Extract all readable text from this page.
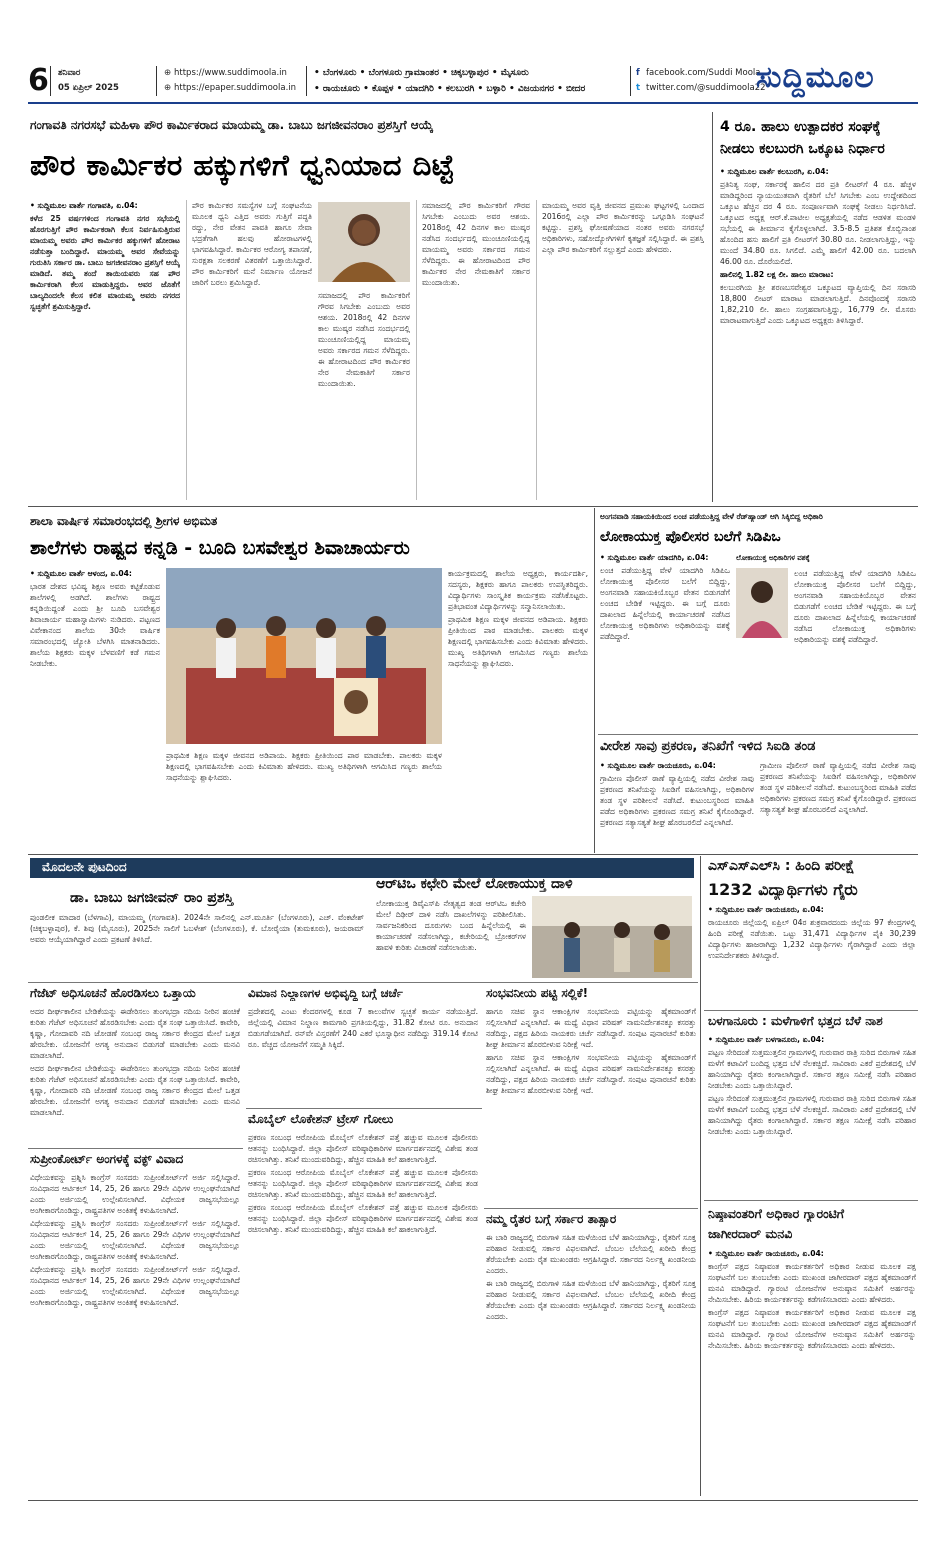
6 ಶನಿವಾರ
05 ಏಪ್ರಿಲ್ 2025
⊕ https://www.suddimoola.in
⊕ https://epaper.suddimoola.in
• ಬೆಂಗಳೂರು • ಬೆಂಗಳೂರು ಗ್ರಾಮಾಂತರ • ಚಿಕ್ಕಬಳ್ಳಾಪುರ • ಮೈಸೂರು
• ರಾಯಚೂರು • ಕೊಪ್ಪಳ • ಯಾದಗಿರಿ • ಕಲಬುರಗಿ • ಬಳ್ಳಾರಿ • ವಿಜಯನಗರ • ಬೀದರ
f facebook.com/Suddi Moola
t twitter.com/@suddimoola22
ಸುದ್ದಿಮೂಲ
ಗಂಗಾವತಿ ನಗರಸಭೆ ಮಹಿಳಾ ಪೌರ ಕಾರ್ಮಿಕರಾದ ಮಾಯಮ್ಮ ಡಾ. ಬಾಬು ಜಗಜೀವನರಾಂ ಪ್ರಶಸ್ತಿಗೆ ಆಯ್ಕೆ
ಪೌರ ಕಾರ್ಮಿಕರ ಹಕ್ಕುಗಳಿಗೆ ಧ್ವನಿಯಾದ ದಿಟ್ಟೆ

• ಸುದ್ದಿಮೂಲ ವಾರ್ತೆ ಗಂಗಾವತಿ, ಏ.04:

ಕಳೆದ 25 ವರ್ಷಗಳಿಂದ ಗಂಗಾವತಿ ನಗರ ಸಭೆಯಲ್ಲಿ ಹೊರಗುತ್ತಿಗೆ ಪೌರ ಕಾರ್ಮಿಕರಾಗಿ ಕೆಲಸ ನಿರ್ವಹಿಸುತ್ತಿರುವ ಮಾಯಮ್ಮ ಅವರು ಪೌರ ಕಾರ್ಮಿಕರ ಹಕ್ಕುಗಳಿಗೆ ಹೋರಾಟ ನಡೆಸುತ್ತಾ ಬಂದಿದ್ದಾರೆ. ಮಾಯಮ್ಮ ಅವರ ಸೇವೆಯನ್ನು ಗುರುತಿಸಿ ಸರ್ಕಾರ ಡಾ. ಬಾಬು ಜಗಜೀವನರಾಂ ಪ್ರಶಸ್ತಿಗೆ ಆಯ್ಕೆ ಮಾಡಿದೆ. ತಮ್ಮ ತಂದೆ ತಾಯಿಯವರು ಸಹ ಪೌರ ಕಾರ್ಮಿಕರಾಗಿ ಕೆಲಸ ಮಾಡುತ್ತಿದ್ದರು. ಅವರ ಜೊತೆಗೆ ಬಾಲ್ಯದಿಂದಲೇ ಕೆಲಸ ಕಲಿತ ಮಾಯಮ್ಮ ಅವರು ನಗರದ ಸ್ವಚ್ಛತೆಗೆ ಶ್ರಮಿಸುತ್ತಿದ್ದಾರೆ.

ಪೌರ ಕಾರ್ಮಿಕರ ಸಮಸ್ಯೆಗಳ ಬಗ್ಗೆ ಸಂಘಟನೆಯ ಮೂಲಕ ಧ್ವನಿ ಎತ್ತಿದ ಅವರು ಗುತ್ತಿಗೆ ಪದ್ಧತಿ ರದ್ದು, ನೇರ ವೇತನ ಪಾವತಿ ಹಾಗೂ ಸೇವಾ ಭದ್ರತೆಗಾಗಿ ಹಲವು ಹೋರಾಟಗಳಲ್ಲಿ ಭಾಗವಹಿಸಿದ್ದಾರೆ. ಕಾರ್ಮಿಕರ ಆರೋಗ್ಯ ತಪಾಸಣೆ, ಸುರಕ್ಷತಾ ಸಲಕರಣೆ ವಿತರಣೆಗೆ ಒತ್ತಾಯಿಸಿದ್ದಾರೆ. ಪೌರ ಕಾರ್ಮಿಕರಿಗೆ ಮನೆ ನಿರ್ಮಾಣ ಯೋಜನೆ ಜಾರಿಗೆ ಬರಲು ಶ್ರಮಿಸಿದ್ದಾರೆ.

ಸಮಾಜದಲ್ಲಿ ಪೌರ ಕಾರ್ಮಿಕರಿಗೆ ಗೌರವ ಸಿಗಬೇಕು ಎಂಬುದು ಅವರ ಆಶಯ. 2018ರಲ್ಲಿ 42 ದಿನಗಳ ಕಾಲ ಮುಷ್ಕರ ನಡೆಸಿದ ಸಂದರ್ಭದಲ್ಲಿ ಮುಂಚೂಣಿಯಲ್ಲಿದ್ದ ಮಾಯಮ್ಮ ಅವರು ಸರ್ಕಾರದ ಗಮನ ಸೆಳೆದಿದ್ದರು. ಈ ಹೋರಾಟದಿಂದ ಪೌರ ಕಾರ್ಮಿಕರ ನೇರ ನೇಮಕಾತಿಗೆ ಸರ್ಕಾರ ಮುಂದಾಯಿತು.

ಸಮಾಜದಲ್ಲಿ ಪೌರ ಕಾರ್ಮಿಕರಿಗೆ ಗೌರವ ಸಿಗಬೇಕು ಎಂಬುದು ಅವರ ಆಶಯ. 2018ರಲ್ಲಿ 42 ದಿನಗಳ ಕಾಲ ಮುಷ್ಕರ ನಡೆಸಿದ ಸಂದರ್ಭದಲ್ಲಿ ಮುಂಚೂಣಿಯಲ್ಲಿದ್ದ ಮಾಯಮ್ಮ ಅವರು ಸರ್ಕಾರದ ಗಮನ ಸೆಳೆದಿದ್ದರು. ಈ ಹೋರಾಟದಿಂದ ಪೌರ ಕಾರ್ಮಿಕರ ನೇರ ನೇಮಕಾತಿಗೆ ಸರ್ಕಾರ ಮುಂದಾಯಿತು.

ಮಾಯಮ್ಮ ಅವರ ವೃತ್ತಿ ಜೀವನದ ಪ್ರಮುಖ ಘಟ್ಟಗಳಲ್ಲಿ ಒಂದಾದ 2016ರಲ್ಲಿ ಎಲ್ಲಾ ಪೌರ ಕಾರ್ಮಿಕರನ್ನು ಒಗ್ಗೂಡಿಸಿ ಸಂಘಟನೆ ಕಟ್ಟಿದ್ದು. ಪ್ರಶಸ್ತಿ ಘೋಷಣೆಯಾದ ನಂತರ ಅವರು ನಗರಸಭೆ ಅಧಿಕಾರಿಗಳು, ಸಹೋದ್ಯೋಗಿಗಳಿಗೆ ಕೃತಜ್ಞತೆ ಸಲ್ಲಿಸಿದ್ದಾರೆ. ಈ ಪ್ರಶಸ್ತಿ ಎಲ್ಲಾ ಪೌರ ಕಾರ್ಮಿಕರಿಗೆ ಸಲ್ಲುತ್ತದೆ ಎಂದು ಹೇಳಿದರು.

4 ರೂ. ಹಾಲು ಉತ್ಪಾದಕರ ಸಂಘಕ್ಕೆ
ನೀಡಲು ಕಲಬುರಗಿ ಒಕ್ಕೂಟ ನಿರ್ಧಾರ

• ಸುದ್ದಿಮೂಲ ವಾರ್ತೆ ಕಲಬುರಗಿ, ಏ.04:

ಪ್ರತಿನಿತ್ಯ ಸಂಘ, ಸರ್ಕಾರಕ್ಕೆ ಹಾಲಿನ ದರ ಪ್ರತಿ ಲೀಟರ್‌ಗೆ 4 ರೂ. ಹೆಚ್ಚಳ ಮಾಡಿದ್ದರಿಂದ ನ್ಯಾಯಯುತವಾಗಿ ರೈತರಿಗೆ ಬೆಲೆ ಸಿಗಬೇಕು ಎಂಬ ಉದ್ದೇಶದಿಂದ ಒಕ್ಕೂಟ ಹೆಚ್ಚಿನ ದರ 4 ರೂ. ಸಂಪೂರ್ಣವಾಗಿ ಸಂಘಕ್ಕೆ ನೀಡಲು ನಿರ್ಧರಿಸಿದೆ. ಒಕ್ಕೂಟದ ಅಧ್ಯಕ್ಷ ಆರ್.ಕೆ.ಪಾಟೀಲ ಅಧ್ಯಕ್ಷತೆಯಲ್ಲಿ ನಡೆದ ಆಡಳಿತ ಮಂಡಳಿ ಸಭೆಯಲ್ಲಿ ಈ ತೀರ್ಮಾನ ಕೈಗೊಳ್ಳಲಾಗಿದೆ. 3.5-8.5 ಪ್ರತಿಶತ ಕೊಬ್ಬಿನಾಂಶ ಹೊಂದಿದ ಹಸು ಹಾಲಿಗೆ ಪ್ರತಿ ಲೀಟರ್‌ಗೆ 30.80 ರೂ. ನೀಡಲಾಗುತ್ತಿದ್ದು, ಇನ್ನು ಮುಂದೆ 34.80 ರೂ. ಸಿಗಲಿದೆ. ಎಮ್ಮೆ ಹಾಲಿಗೆ 42.00 ರೂ. ಬದಲಾಗಿ 46.00 ರೂ. ದೊರೆಯಲಿದೆ.

ಹಾಲಿನಲ್ಲಿ 1.82 ಲಕ್ಷ ಲೀ. ಹಾಲು ಮಾರಾಟ:

ಕಲಬುರಗಿಯ ಶ್ರೀ ಶರಣಬಸವೇಶ್ವರ ಒಕ್ಕೂಟದ ವ್ಯಾಪ್ತಿಯಲ್ಲಿ ದಿನ ಸರಾಸರಿ 18,800 ಲೀಟರ್ ಮಾರಾಟ ಮಾಡಲಾಗುತ್ತಿದೆ. ದಿನವೊಂದಕ್ಕೆ ಸರಾಸರಿ 1,82,210 ಲೀ. ಹಾಲು ಸಂಗ್ರಹವಾಗುತ್ತಿದ್ದು, 16,779 ಲೀ. ಮೊಸರು ಮಾರಾಟವಾಗುತ್ತಿದೆ ಎಂದು ಒಕ್ಕೂಟದ ಅಧ್ಯಕ್ಷರು ತಿಳಿಸಿದ್ದಾರೆ.

ಶಾಲಾ ವಾರ್ಷಿಕ ಸಮಾರಂಭದಲ್ಲಿ ಶ್ರೀಗಳ ಅಭಿಮತ
ಶಾಲೆಗಳು ರಾಷ್ಟ್ರದ ಕನ್ನಡಿ - ಬೂದಿ ಬಸವೇಶ್ವರ ಶಿವಾಚಾರ್ಯರು

• ಸುದ್ದಿಮೂಲ ವಾರ್ತೆ ಆಳಂದ, ಏ.04:

ಭಾರತ ದೇಶದ ಭವಿಷ್ಯ ಶಿಕ್ಷಣ ಅವರು ಕಟ್ಟಿಕೊಡುವ ಶಾಲೆಗಳಲ್ಲಿ ಅಡಗಿದೆ. ಶಾಲೆಗಳು ರಾಷ್ಟ್ರದ ಕನ್ನಡಿಯಿದ್ದಂತೆ ಎಂದು ಶ್ರೀ ಬೂದಿ ಬಸವೇಶ್ವರ ಶಿವಾಚಾರ್ಯ ಮಹಾಸ್ವಾಮಿಗಳು ನುಡಿದರು. ಪಟ್ಟಣದ ವಿವೇಕಾನಂದ ಶಾಲೆಯ 30ನೇ ವಾರ್ಷಿಕ ಸಮಾರಂಭದಲ್ಲಿ ಜ್ಯೋತಿ ಬೆಳಗಿಸಿ ಮಾತನಾಡಿದರು. ಶಾಲೆಯ ಶಿಕ್ಷಕರು ಮಕ್ಕಳ ಬೆಳವಣಿಗೆ ಕಡೆ ಗಮನ ನೀಡಬೇಕು.

ಪ್ರಾಥಮಿಕ ಶಿಕ್ಷಣ ಮಕ್ಕಳ ಜೀವನದ ಅಡಿಪಾಯ. ಶಿಕ್ಷಕರು ಪ್ರೀತಿಯಿಂದ ಪಾಠ ಮಾಡಬೇಕು. ಪಾಲಕರು ಮಕ್ಕಳ ಶಿಕ್ಷಣದಲ್ಲಿ ಭಾಗವಹಿಸಬೇಕು ಎಂದು ಕಿವಿಮಾತು ಹೇಳಿದರು. ಮುಖ್ಯ ಅತಿಥಿಗಳಾಗಿ ಆಗಮಿಸಿದ ಗಣ್ಯರು ಶಾಲೆಯ ಸಾಧನೆಯನ್ನು ಶ್ಲಾಘಿಸಿದರು.

ಕಾರ್ಯಕ್ರಮದಲ್ಲಿ ಶಾಲೆಯ ಅಧ್ಯಕ್ಷರು, ಕಾರ್ಯದರ್ಶಿ, ಸದಸ್ಯರು, ಶಿಕ್ಷಕರು ಹಾಗೂ ಪಾಲಕರು ಉಪಸ್ಥಿತರಿದ್ದರು. ವಿದ್ಯಾರ್ಥಿಗಳು ಸಾಂಸ್ಕೃತಿಕ ಕಾರ್ಯಕ್ರಮ ನಡೆಸಿಕೊಟ್ಟರು. ಪ್ರತಿಭಾವಂತ ವಿದ್ಯಾರ್ಥಿಗಳನ್ನು ಸನ್ಮಾನಿಸಲಾಯಿತು.

ಪ್ರಾಥಮಿಕ ಶಿಕ್ಷಣ ಮಕ್ಕಳ ಜೀವನದ ಅಡಿಪಾಯ. ಶಿಕ್ಷಕರು ಪ್ರೀತಿಯಿಂದ ಪಾಠ ಮಾಡಬೇಕು. ಪಾಲಕರು ಮಕ್ಕಳ ಶಿಕ್ಷಣದಲ್ಲಿ ಭಾಗವಹಿಸಬೇಕು ಎಂದು ಕಿವಿಮಾತು ಹೇಳಿದರು. ಮುಖ್ಯ ಅತಿಥಿಗಳಾಗಿ ಆಗಮಿಸಿದ ಗಣ್ಯರು ಶಾಲೆಯ ಸಾಧನೆಯನ್ನು ಶ್ಲಾಘಿಸಿದರು.

ಅಂಗನವಾಡಿ ಸಹಾಯಕಿಯಿಂದ ಲಂಚ ಪಡೆಯುತ್ತಿದ್ದ ವೇಳೆ ರೆಡ್‌ಹ್ಯಾಂಡ್ ಆಗಿ ಸಿಕ್ಕಿಬಿದ್ದ ಅಧಿಕಾರಿ
ಲೋಕಾಯುಕ್ತ ಪೊಲೀಸರ ಬಲೆಗೆ ಸಿಡಿಪಿಒ

• ಸುದ್ದಿಮೂಲ ವಾರ್ತೆ ಯಾದಗಿರಿ, ಏ.04:

ಲಂಚ ಪಡೆಯುತ್ತಿದ್ದ ವೇಳೆ ಯಾದಗಿರಿ ಸಿಡಿಪಿಒ ಲೋಕಾಯುಕ್ತ ಪೊಲೀಸರ ಬಲೆಗೆ ಬಿದ್ದಿದ್ದು, ಅಂಗನವಾಡಿ ಸಹಾಯಕಿಯೊಬ್ಬರ ವೇತನ ಬಿಡುಗಡೆಗೆ ಲಂಚದ ಬೇಡಿಕೆ ಇಟ್ಟಿದ್ದರು. ಈ ಬಗ್ಗೆ ದೂರು ದಾಖಲಾದ ಹಿನ್ನೆಲೆಯಲ್ಲಿ ಕಾರ್ಯಾಚರಣೆ ನಡೆಸಿದ ಲೋಕಾಯುಕ್ತ ಅಧಿಕಾರಿಗಳು ಅಧಿಕಾರಿಯನ್ನು ವಶಕ್ಕೆ ಪಡೆದಿದ್ದಾರೆ.

ಲೋಕಾಯುಕ್ತ ಅಧಿಕಾರಿಗಳ ವಶಕ್ಕೆ

ಲಂಚ ಪಡೆಯುತ್ತಿದ್ದ ವೇಳೆ ಯಾದಗಿರಿ ಸಿಡಿಪಿಒ ಲೋಕಾಯುಕ್ತ ಪೊಲೀಸರ ಬಲೆಗೆ ಬಿದ್ದಿದ್ದು, ಅಂಗನವಾಡಿ ಸಹಾಯಕಿಯೊಬ್ಬರ ವೇತನ ಬಿಡುಗಡೆಗೆ ಲಂಚದ ಬೇಡಿಕೆ ಇಟ್ಟಿದ್ದರು. ಈ ಬಗ್ಗೆ ದೂರು ದಾಖಲಾದ ಹಿನ್ನೆಲೆಯಲ್ಲಿ ಕಾರ್ಯಾಚರಣೆ ನಡೆಸಿದ ಲೋಕಾಯುಕ್ತ ಅಧಿಕಾರಿಗಳು ಅಧಿಕಾರಿಯನ್ನು ವಶಕ್ಕೆ ಪಡೆದಿದ್ದಾರೆ.

ವೀರೇಶ ಸಾವು ಪ್ರಕರಣ, ತನಿಖೆಗೆ ಇಳಿದ ಸಿಐಡಿ ತಂಡ

• ಸುದ್ದಿಮೂಲ ವಾರ್ತೆ ರಾಯಚೂರು, ಏ.04:

ಗ್ರಾಮೀಣ ಪೊಲೀಸ್ ಠಾಣೆ ವ್ಯಾಪ್ತಿಯಲ್ಲಿ ನಡೆದ ವೀರೇಶ ಸಾವು ಪ್ರಕರಣದ ತನಿಖೆಯನ್ನು ಸಿಐಡಿಗೆ ವಹಿಸಲಾಗಿದ್ದು, ಅಧಿಕಾರಿಗಳ ತಂಡ ಸ್ಥಳ ಪರಿಶೀಲನೆ ನಡೆಸಿದೆ. ಕುಟುಂಬಸ್ಥರಿಂದ ಮಾಹಿತಿ ಪಡೆದ ಅಧಿಕಾರಿಗಳು ಪ್ರಕರಣದ ಸಮಗ್ರ ತನಿಖೆ ಕೈಗೊಂಡಿದ್ದಾರೆ. ಪ್ರಕರಣದ ಸತ್ಯಾಸತ್ಯತೆ ಶೀಘ್ರ ಹೊರಬರಲಿದೆ ಎನ್ನಲಾಗಿದೆ.

ಗ್ರಾಮೀಣ ಪೊಲೀಸ್ ಠಾಣೆ ವ್ಯಾಪ್ತಿಯಲ್ಲಿ ನಡೆದ ವೀರೇಶ ಸಾವು ಪ್ರಕರಣದ ತನಿಖೆಯನ್ನು ಸಿಐಡಿಗೆ ವಹಿಸಲಾಗಿದ್ದು, ಅಧಿಕಾರಿಗಳ ತಂಡ ಸ್ಥಳ ಪರಿಶೀಲನೆ ನಡೆಸಿದೆ. ಕುಟುಂಬಸ್ಥರಿಂದ ಮಾಹಿತಿ ಪಡೆದ ಅಧಿಕಾರಿಗಳು ಪ್ರಕರಣದ ಸಮಗ್ರ ತನಿಖೆ ಕೈಗೊಂಡಿದ್ದಾರೆ. ಪ್ರಕರಣದ ಸತ್ಯಾಸತ್ಯತೆ ಶೀಘ್ರ ಹೊರಬರಲಿದೆ ಎನ್ನಲಾಗಿದೆ.

ಮೊದಲನೇ ಪುಟದಿಂದ
ಡಾ. ಬಾಬು ಜಗಜೀವನ್ ರಾಂ ಪ್ರಶಸ್ತಿ

ಪುಂಡಲೀಕ ಮಾದಾರ (ಬೆಳಗಾವಿ), ಮಾಯಮ್ಮ (ಗಂಗಾವತಿ). 2024ನೇ ಸಾಲಿನಲ್ಲಿ ಎನ್.ಮೂರ್ತಿ (ಬೆಂಗಳೂರು), ಎಚ್. ವೆಂಕಟೇಶ್ (ಚಿಕ್ಕಬಳ್ಳಾಪುರ), ಕೆ. ಶಿವು (ಮೈಸೂರು), 2025ನೇ ಸಾಲಿಗೆ ಓಬಳೇಶ್ (ಬೆಂಗಳೂರು), ಕೆ. ಬೋರೈಯಾ (ತುಮಕೂರು), ಜಯರಾಮ್ ಅವರು ಆಯ್ಕೆಯಾಗಿದ್ದಾರೆ ಎಂದು ಪ್ರಕಟಣೆ ತಿಳಿಸಿದೆ.

ಆರ್‌ಟಿಒ ಕಛೇರಿ ಮೇಲೆ ಲೋಕಾಯುಕ್ತ ದಾಳಿ

ಲೋಕಾಯುಕ್ತ ಡಿವೈಎಸ್‌ಪಿ ನೇತೃತ್ವದ ತಂಡ ಆರ್‌ಟಿಒ ಕಚೇರಿ ಮೇಲೆ ದಿಢೀರ್ ದಾಳಿ ನಡೆಸಿ ದಾಖಲೆಗಳನ್ನು ಪರಿಶೀಲಿಸಿತು. ಸಾರ್ವಜನಿಕರಿಂದ ದೂರುಗಳು ಬಂದ ಹಿನ್ನೆಲೆಯಲ್ಲಿ ಈ ಕಾರ್ಯಾಚರಣೆ ನಡೆಸಲಾಗಿದ್ದು, ಕಚೇರಿಯಲ್ಲಿ ಬ್ರೋಕರ್‌ಗಳ ಹಾವಳಿ ಕುರಿತು ವಿಚಾರಣೆ ನಡೆಸಲಾಯಿತು.

ಎಸ್‌ಎಸ್‌ಎಲ್‌ಸಿ : ಹಿಂದಿ ಪರೀಕ್ಷೆ
1232 ವಿದ್ಯಾರ್ಥಿಗಳು ಗೈರು

• ಸುದ್ದಿಮೂಲ ವಾರ್ತೆ ರಾಯಚೂರು, ಏ.04:

ರಾಯಚೂರು ಜಿಲ್ಲೆಯಲ್ಲಿ ಏಪ್ರಿಲ್ 04ರ ಶುಕ್ರವಾರದಂದು ಜಿಲ್ಲೆಯ 97 ಕೇಂದ್ರಗಳಲ್ಲಿ ಹಿಂದಿ ಪರೀಕ್ಷೆ ನಡೆಯಿತು. ಒಟ್ಟು 31,471 ವಿದ್ಯಾರ್ಥಿಗಳ ಪೈಕಿ 30,239 ವಿದ್ಯಾರ್ಥಿಗಳು ಹಾಜರಾಗಿದ್ದು 1,232 ವಿದ್ಯಾರ್ಥಿಗಳು ಗೈರಾಗಿದ್ದಾರೆ ಎಂದು ಜಿಲ್ಲಾ ಉಪನಿರ್ದೇಶಕರು ತಿಳಿಸಿದ್ದಾರೆ.

ಬಳಗಾನೂರು : ಮಳೆಗಾಳಿಗೆ ಭತ್ತದ ಬೆಳೆ ನಾಶ

• ಸುದ್ದಿಮೂಲ ವಾರ್ತೆ ಬಳಗಾನೂರು, ಏ.04:

ಪಟ್ಟಣ ಸೇರಿದಂತೆ ಸುತ್ತಮುತ್ತಲಿನ ಗ್ರಾಮಗಳಲ್ಲಿ ಗುರುವಾರ ರಾತ್ರಿ ಸುರಿದ ಬಿರುಗಾಳಿ ಸಹಿತ ಮಳೆಗೆ ಕಟಾವಿಗೆ ಬಂದಿದ್ದ ಭತ್ತದ ಬೆಳೆ ನೆಲಕಚ್ಚಿದೆ. ಸಾವಿರಾರು ಎಕರೆ ಪ್ರದೇಶದಲ್ಲಿ ಬೆಳೆ ಹಾನಿಯಾಗಿದ್ದು ರೈತರು ಕಂಗಾಲಾಗಿದ್ದಾರೆ. ಸರ್ಕಾರ ತಕ್ಷಣ ಸಮೀಕ್ಷೆ ನಡೆಸಿ ಪರಿಹಾರ ನೀಡಬೇಕು ಎಂದು ಒತ್ತಾಯಿಸಿದ್ದಾರೆ.

ಪಟ್ಟಣ ಸೇರಿದಂತೆ ಸುತ್ತಮುತ್ತಲಿನ ಗ್ರಾಮಗಳಲ್ಲಿ ಗುರುವಾರ ರಾತ್ರಿ ಸುರಿದ ಬಿರುಗಾಳಿ ಸಹಿತ ಮಳೆಗೆ ಕಟಾವಿಗೆ ಬಂದಿದ್ದ ಭತ್ತದ ಬೆಳೆ ನೆಲಕಚ್ಚಿದೆ. ಸಾವಿರಾರು ಎಕರೆ ಪ್ರದೇಶದಲ್ಲಿ ಬೆಳೆ ಹಾನಿಯಾಗಿದ್ದು ರೈತರು ಕಂಗಾಲಾಗಿದ್ದಾರೆ. ಸರ್ಕಾರ ತಕ್ಷಣ ಸಮೀಕ್ಷೆ ನಡೆಸಿ ಪರಿಹಾರ ನೀಡಬೇಕು ಎಂದು ಒತ್ತಾಯಿಸಿದ್ದಾರೆ.

ನಿಷ್ಠಾವಂತರಿಗೆ ಅಧಿಕಾರ ಗ್ಯಾರಂಟಿಗೆ
ಜಾಗೀರದಾರ್ ಮನವಿ

• ಸುದ್ದಿಮೂಲ ವಾರ್ತೆ ರಾಯಚೂರು, ಏ.04:

ಕಾಂಗ್ರೆಸ್ ಪಕ್ಷದ ನಿಷ್ಠಾವಂತ ಕಾರ್ಯಕರ್ತರಿಗೆ ಅಧಿಕಾರ ನೀಡುವ ಮೂಲಕ ಪಕ್ಷ ಸಂಘಟನೆಗೆ ಬಲ ತುಂಬಬೇಕು ಎಂದು ಮುಖಂಡ ಜಾಗೀರದಾರ್ ಪಕ್ಷದ ಹೈಕಮಾಂಡ್‌ಗೆ ಮನವಿ ಮಾಡಿದ್ದಾರೆ. ಗ್ಯಾರಂಟಿ ಯೋಜನೆಗಳ ಅನುಷ್ಠಾನ ಸಮಿತಿಗೆ ಅರ್ಹರನ್ನು ನೇಮಿಸಬೇಕು. ಹಿರಿಯ ಕಾರ್ಯಕರ್ತರನ್ನು ಕಡೆಗಣಿಸಬಾರದು ಎಂದು ಹೇಳಿದರು.

ಕಾಂಗ್ರೆಸ್ ಪಕ್ಷದ ನಿಷ್ಠಾವಂತ ಕಾರ್ಯಕರ್ತರಿಗೆ ಅಧಿಕಾರ ನೀಡುವ ಮೂಲಕ ಪಕ್ಷ ಸಂಘಟನೆಗೆ ಬಲ ತುಂಬಬೇಕು ಎಂದು ಮುಖಂಡ ಜಾಗೀರದಾರ್ ಪಕ್ಷದ ಹೈಕಮಾಂಡ್‌ಗೆ ಮನವಿ ಮಾಡಿದ್ದಾರೆ. ಗ್ಯಾರಂಟಿ ಯೋಜನೆಗಳ ಅನುಷ್ಠಾನ ಸಮಿತಿಗೆ ಅರ್ಹರನ್ನು ನೇಮಿಸಬೇಕು. ಹಿರಿಯ ಕಾರ್ಯಕರ್ತರನ್ನು ಕಡೆಗಣಿಸಬಾರದು ಎಂದು ಹೇಳಿದರು.

ಗೆಜೆಟ್ ಅಧಿಸೂಚನೆ ಹೊರಡಿಸಲು ಒತ್ತಾಯ

ಅದರ ದೀರ್ಘಕಾಲೀನ ಬೇಡಿಕೆಯನ್ನು ಈಡೇರಿಸಲು ತುಂಗಭದ್ರಾ ನದಿಯ ನೀರಿನ ಹಂಚಿಕೆ ಕುರಿತು ಗೆಜೆಟ್ ಅಧಿಸೂಚನೆ ಹೊರಡಿಸಬೇಕು ಎಂದು ರೈತ ಸಂಘ ಒತ್ತಾಯಿಸಿದೆ. ಕಾವೇರಿ, ಕೃಷ್ಣಾ, ಗೋದಾವರಿ ನದಿ ಜೋಡಣೆ ಸಂಬಂಧ ರಾಜ್ಯ ಸರ್ಕಾರ ಕೇಂದ್ರದ ಮೇಲೆ ಒತ್ತಡ ಹೇರಬೇಕು. ಯೋಜನೆಗೆ ಅಗತ್ಯ ಅನುದಾನ ಬಿಡುಗಡೆ ಮಾಡಬೇಕು ಎಂದು ಮನವಿ ಮಾಡಲಾಗಿದೆ.

ಅದರ ದೀರ್ಘಕಾಲೀನ ಬೇಡಿಕೆಯನ್ನು ಈಡೇರಿಸಲು ತುಂಗಭದ್ರಾ ನದಿಯ ನೀರಿನ ಹಂಚಿಕೆ ಕುರಿತು ಗೆಜೆಟ್ ಅಧಿಸೂಚನೆ ಹೊರಡಿಸಬೇಕು ಎಂದು ರೈತ ಸಂಘ ಒತ್ತಾಯಿಸಿದೆ. ಕಾವೇರಿ, ಕೃಷ್ಣಾ, ಗೋದಾವರಿ ನದಿ ಜೋಡಣೆ ಸಂಬಂಧ ರಾಜ್ಯ ಸರ್ಕಾರ ಕೇಂದ್ರದ ಮೇಲೆ ಒತ್ತಡ ಹೇರಬೇಕು. ಯೋಜನೆಗೆ ಅಗತ್ಯ ಅನುದಾನ ಬಿಡುಗಡೆ ಮಾಡಬೇಕು ಎಂದು ಮನವಿ ಮಾಡಲಾಗಿದೆ.

ವಿಮಾನ ನಿಲ್ದಾಣಗಳ ಅಭಿವೃದ್ಧಿ ಬಗ್ಗೆ ಚರ್ಚೆ

ಪ್ರದೇಶದಲ್ಲಿ ಎಂಟು ಕೆಂದರಗಳಲ್ಲಿ ಕೂಡ 7 ಕಾಲುವೆಗಳ ಸ್ವಚ್ಛತೆ ಕಾರ್ಯ ನಡೆಯುತ್ತಿದೆ. ಜಿಲ್ಲೆಯಲ್ಲಿ ವಿಮಾನ ನಿಲ್ದಾಣ ಕಾಮಗಾರಿ ಪ್ರಗತಿಯಲ್ಲಿದ್ದು, 31.82 ಕೋಟಿ ರೂ. ಅನುದಾನ ಬಿಡುಗಡೆಯಾಗಿದೆ. ರನ್‌ವೇ ವಿಸ್ತರಣೆಗೆ 240 ಎಕರೆ ಭೂಸ್ವಾಧೀನ ನಡೆದಿದ್ದು 319.14 ಕೋಟಿ ರೂ. ವೆಚ್ಚದ ಯೋಜನೆಗೆ ಸಮ್ಮತಿ ಸಿಕ್ಕಿದೆ.

ಸಂಭವನೀಯ ಪಟ್ಟಿ ಸಲ್ಲಿಕೆ!

ಹಾಗೂ ಸಚಿವ ಸ್ಥಾನ ಆಕಾಂಕ್ಷಿಗಳ ಸಂಭವನೀಯ ಪಟ್ಟಿಯನ್ನು ಹೈಕಮಾಂಡ್‌ಗೆ ಸಲ್ಲಿಸಲಾಗಿದೆ ಎನ್ನಲಾಗಿದೆ. ಈ ಮಧ್ಯೆ ವಿಧಾನ ಪರಿಷತ್ ನಾಮನಿರ್ದೇಶನಕ್ಕೂ ಕಸರತ್ತು ನಡೆದಿದ್ದು, ಪಕ್ಷದ ಹಿರಿಯ ನಾಯಕರು ಚರ್ಚೆ ನಡೆಸಿದ್ದಾರೆ. ಸಂಪುಟ ಪುನಾರಚನೆ ಕುರಿತು ಶೀಘ್ರ ತೀರ್ಮಾನ ಹೊರಬೀಳುವ ನಿರೀಕ್ಷೆ ಇದೆ.

ಹಾಗೂ ಸಚಿವ ಸ್ಥಾನ ಆಕಾಂಕ್ಷಿಗಳ ಸಂಭವನೀಯ ಪಟ್ಟಿಯನ್ನು ಹೈಕಮಾಂಡ್‌ಗೆ ಸಲ್ಲಿಸಲಾಗಿದೆ ಎನ್ನಲಾಗಿದೆ. ಈ ಮಧ್ಯೆ ವಿಧಾನ ಪರಿಷತ್ ನಾಮನಿರ್ದೇಶನಕ್ಕೂ ಕಸರತ್ತು ನಡೆದಿದ್ದು, ಪಕ್ಷದ ಹಿರಿಯ ನಾಯಕರು ಚರ್ಚೆ ನಡೆಸಿದ್ದಾರೆ. ಸಂಪುಟ ಪುನಾರಚನೆ ಕುರಿತು ಶೀಘ್ರ ತೀರ್ಮಾನ ಹೊರಬೀಳುವ ನಿರೀಕ್ಷೆ ಇದೆ.

ಸುಪ್ರೀಂಕೋರ್ಟ್ ಅಂಗಳಕ್ಕೆ ವಕ್ಫ್ ವಿವಾದ

ವಿಧೇಯಕವನ್ನು ಪ್ರಶ್ನಿಸಿ ಕಾಂಗ್ರೆಸ್ ಸಂಸದರು ಸುಪ್ರೀಂಕೋರ್ಟ್‌ಗೆ ಅರ್ಜಿ ಸಲ್ಲಿಸಿದ್ದಾರೆ. ಸಂವಿಧಾನದ ಆರ್ಟಿಕಲ್ 14, 25, 26 ಹಾಗೂ 29ನೇ ವಿಧಿಗಳ ಉಲ್ಲಂಘನೆಯಾಗಿದೆ ಎಂದು ಅರ್ಜಿಯಲ್ಲಿ ಉಲ್ಲೇಖಿಸಲಾಗಿದೆ. ವಿಧೇಯಕ ರಾಜ್ಯಸಭೆಯಲ್ಲೂ ಅಂಗೀಕಾರಗೊಂಡಿದ್ದು, ರಾಷ್ಟ್ರಪತಿಗಳ ಅಂಕಿತಕ್ಕೆ ಕಳುಹಿಸಲಾಗಿದೆ.

ವಿಧೇಯಕವನ್ನು ಪ್ರಶ್ನಿಸಿ ಕಾಂಗ್ರೆಸ್ ಸಂಸದರು ಸುಪ್ರೀಂಕೋರ್ಟ್‌ಗೆ ಅರ್ಜಿ ಸಲ್ಲಿಸಿದ್ದಾರೆ. ಸಂವಿಧಾನದ ಆರ್ಟಿಕಲ್ 14, 25, 26 ಹಾಗೂ 29ನೇ ವಿಧಿಗಳ ಉಲ್ಲಂಘನೆಯಾಗಿದೆ ಎಂದು ಅರ್ಜಿಯಲ್ಲಿ ಉಲ್ಲೇಖಿಸಲಾಗಿದೆ. ವಿಧೇಯಕ ರಾಜ್ಯಸಭೆಯಲ್ಲೂ ಅಂಗೀಕಾರಗೊಂಡಿದ್ದು, ರಾಷ್ಟ್ರಪತಿಗಳ ಅಂಕಿತಕ್ಕೆ ಕಳುಹಿಸಲಾಗಿದೆ.

ವಿಧೇಯಕವನ್ನು ಪ್ರಶ್ನಿಸಿ ಕಾಂಗ್ರೆಸ್ ಸಂಸದರು ಸುಪ್ರೀಂಕೋರ್ಟ್‌ಗೆ ಅರ್ಜಿ ಸಲ್ಲಿಸಿದ್ದಾರೆ. ಸಂವಿಧಾನದ ಆರ್ಟಿಕಲ್ 14, 25, 26 ಹಾಗೂ 29ನೇ ವಿಧಿಗಳ ಉಲ್ಲಂಘನೆಯಾಗಿದೆ ಎಂದು ಅರ್ಜಿಯಲ್ಲಿ ಉಲ್ಲೇಖಿಸಲಾಗಿದೆ. ವಿಧೇಯಕ ರಾಜ್ಯಸಭೆಯಲ್ಲೂ ಅಂಗೀಕಾರಗೊಂಡಿದ್ದು, ರಾಷ್ಟ್ರಪತಿಗಳ ಅಂಕಿತಕ್ಕೆ ಕಳುಹಿಸಲಾಗಿದೆ.

ಮೊಬೈಲ್ ಲೊಕೇಶನ್ ಟ್ರೇಸ್ ಗೋಲು

ಪ್ರಕರಣ ಸಂಬಂಧ ಆರೋಪಿಯ ಮೊಬೈಲ್ ಲೊಕೇಶನ್ ಪತ್ತೆ ಹಚ್ಚುವ ಮೂಲಕ ಪೊಲೀಸರು ಆತನನ್ನು ಬಂಧಿಸಿದ್ದಾರೆ. ಜಿಲ್ಲಾ ಪೊಲೀಸ್ ವರಿಷ್ಠಾಧಿಕಾರಿಗಳ ಮಾರ್ಗದರ್ಶನದಲ್ಲಿ ವಿಶೇಷ ತಂಡ ರಚಿಸಲಾಗಿತ್ತು. ತನಿಖೆ ಮುಂದುವರಿದಿದ್ದು, ಹೆಚ್ಚಿನ ಮಾಹಿತಿ ಕಲೆ ಹಾಕಲಾಗುತ್ತಿದೆ.

ಪ್ರಕರಣ ಸಂಬಂಧ ಆರೋಪಿಯ ಮೊಬೈಲ್ ಲೊಕೇಶನ್ ಪತ್ತೆ ಹಚ್ಚುವ ಮೂಲಕ ಪೊಲೀಸರು ಆತನನ್ನು ಬಂಧಿಸಿದ್ದಾರೆ. ಜಿಲ್ಲಾ ಪೊಲೀಸ್ ವರಿಷ್ಠಾಧಿಕಾರಿಗಳ ಮಾರ್ಗದರ್ಶನದಲ್ಲಿ ವಿಶೇಷ ತಂಡ ರಚಿಸಲಾಗಿತ್ತು. ತನಿಖೆ ಮುಂದುವರಿದಿದ್ದು, ಹೆಚ್ಚಿನ ಮಾಹಿತಿ ಕಲೆ ಹಾಕಲಾಗುತ್ತಿದೆ.

ಪ್ರಕರಣ ಸಂಬಂಧ ಆರೋಪಿಯ ಮೊಬೈಲ್ ಲೊಕೇಶನ್ ಪತ್ತೆ ಹಚ್ಚುವ ಮೂಲಕ ಪೊಲೀಸರು ಆತನನ್ನು ಬಂಧಿಸಿದ್ದಾರೆ. ಜಿಲ್ಲಾ ಪೊಲೀಸ್ ವರಿಷ್ಠಾಧಿಕಾರಿಗಳ ಮಾರ್ಗದರ್ಶನದಲ್ಲಿ ವಿಶೇಷ ತಂಡ ರಚಿಸಲಾಗಿತ್ತು. ತನಿಖೆ ಮುಂದುವರಿದಿದ್ದು, ಹೆಚ್ಚಿನ ಮಾಹಿತಿ ಕಲೆ ಹಾಕಲಾಗುತ್ತಿದೆ.

ನಮ್ಮ ರೈತರ ಬಗ್ಗೆ ಸರ್ಕಾರ ತಾತ್ಸಾರ

ಈ ಬಾರಿ ರಾಜ್ಯದಲ್ಲಿ ಬಿರುಗಾಳಿ ಸಹಿತ ಮಳೆಯಿಂದ ಬೆಳೆ ಹಾನಿಯಾಗಿದ್ದು, ರೈತರಿಗೆ ಸೂಕ್ತ ಪರಿಹಾರ ನೀಡುವಲ್ಲಿ ಸರ್ಕಾರ ವಿಫಲವಾಗಿದೆ. ಬೆಂಬಲ ಬೆಲೆಯಲ್ಲಿ ಖರೀದಿ ಕೇಂದ್ರ ತೆರೆಯಬೇಕು ಎಂದು ರೈತ ಮುಖಂಡರು ಆಗ್ರಹಿಸಿದ್ದಾರೆ. ಸರ್ಕಾರದ ನಿರ್ಲಕ್ಷ್ಯ ಖಂಡನೀಯ ಎಂದರು.

ಈ ಬಾರಿ ರಾಜ್ಯದಲ್ಲಿ ಬಿರುಗಾಳಿ ಸಹಿತ ಮಳೆಯಿಂದ ಬೆಳೆ ಹಾನಿಯಾಗಿದ್ದು, ರೈತರಿಗೆ ಸೂಕ್ತ ಪರಿಹಾರ ನೀಡುವಲ್ಲಿ ಸರ್ಕಾರ ವಿಫಲವಾಗಿದೆ. ಬೆಂಬಲ ಬೆಲೆಯಲ್ಲಿ ಖರೀದಿ ಕೇಂದ್ರ ತೆರೆಯಬೇಕು ಎಂದು ರೈತ ಮುಖಂಡರು ಆಗ್ರಹಿಸಿದ್ದಾರೆ. ಸರ್ಕಾರದ ನಿರ್ಲಕ್ಷ್ಯ ಖಂಡನೀಯ ಎಂದರು.
